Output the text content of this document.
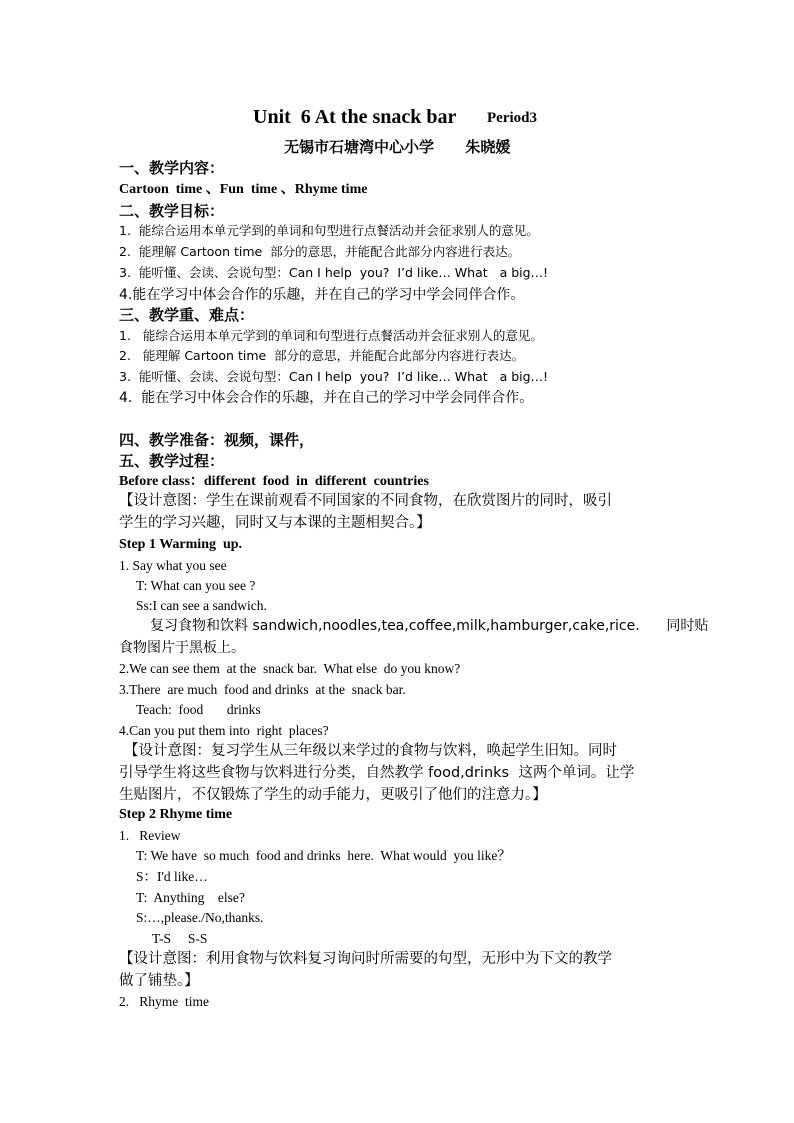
Unit  6 At the snack bar Period3
无锡市石塘湾中心小学      朱晓媛
一、教学内容：
Cartoon  time 、Fun  time 、Rhyme time
二、教学目标：
1.  能综合运用本单元学到的单词和句型进行点餐活动并会征求别人的意见。
2.  能理解 Cartoon time  部分的意思，并能配合此部分内容进行表达。
3.  能听懂、会读、会说句型：Can I help  you?  I’d like… What   a big…!
4.能在学习中体会合作的乐趣，并在自己的学习中学会同伴合作。
三、教学重、难点：
1.   能综合运用本单元学到的单词和句型进行点餐活动并会征求别人的意见。
2.   能理解 Cartoon time  部分的意思，并能配合此部分内容进行表达。
3.  能听懂、会读、会说句型：Can I help  you?  I’d like… What   a big…!
4.  能在学习中体会合作的乐趣，并在自己的学习中学会同伴合作。
四、教学准备：视频，课件，
五、教学过程：
Before class：different  food  in  different  countries
【设计意图：学生在课前观看不同国家的不同食物，在欣赏图片的同时，吸引
学生的学习兴趣，同时又与本课的主题相契合。】
Step 1 Warming  up.
1. Say what you see
T: What can you see ?
Ss:I can see a sandwich.
复习食物和饮料 sandwich,noodles,tea,coffee,milk,hamburger,cake,rice.      同时贴
食物图片于黑板上。
2.We can see them  at the  snack bar.  What else  do you know?
3.There  are much  food and drinks  at the  snack bar.
Teach:  food       drinks
4.Can you put them into  right  places?
【设计意图：复习学生从三年级以来学过的食物与饮料，唤起学生旧知。同时
引导学生将这些食物与饮料进行分类，自然教学 food,drinks  这两个单词。让学
生贴图片，不仅锻炼了学生的动手能力，更吸引了他们的注意力。】
Step 2 Rhyme time
1.   Review
T: We have  so much  food and drinks  here.  What would  you like？
S：I'd like…
T:  Anything    else?
S:…,please./No,thanks.
T-S     S-S
【设计意图：利用食物与饮料复习询问时所需要的句型，无形中为下文的教学
做了铺垫。】
2.   Rhyme  time
